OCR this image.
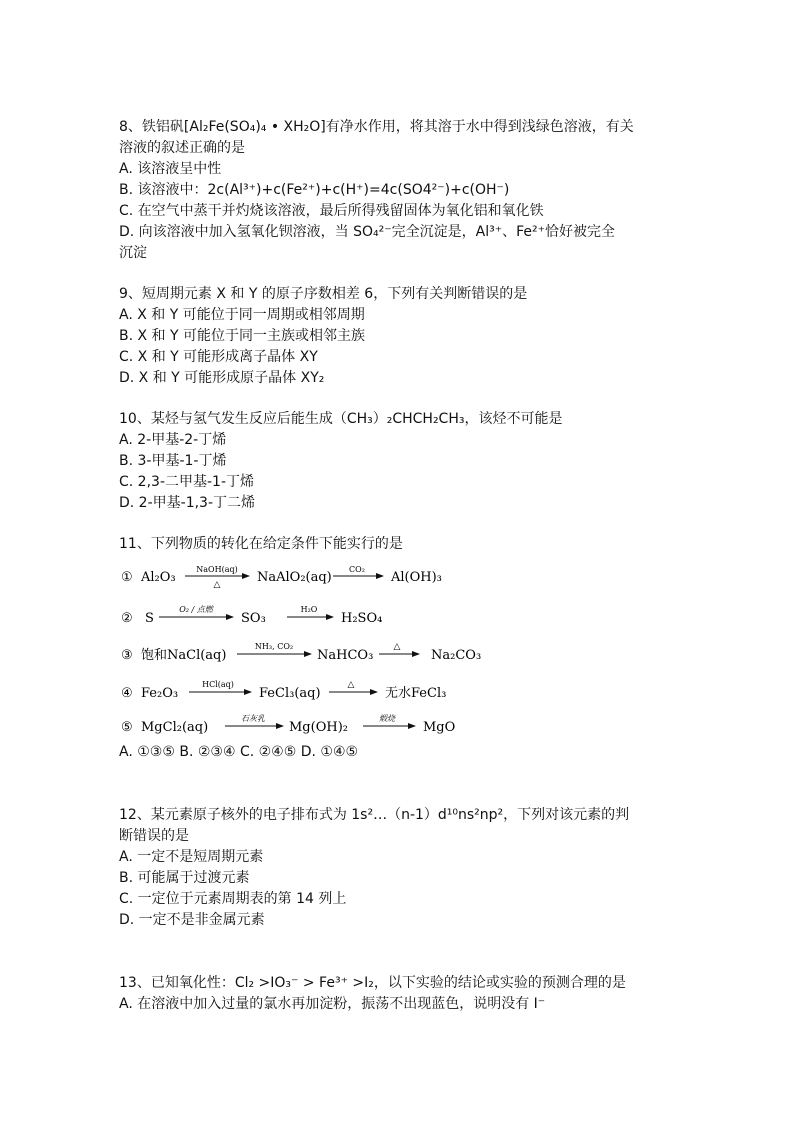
8、铁铝矾[Al₂Fe(SO₄)₄ • XH₂O]有净水作用，将其溶于水中得到浅绿色溶液，有关
溶液的叙述正确的是
A. 该溶液呈中性
B. 该溶液中：2c(Al³⁺)+c(Fe²⁺)+c(H⁺)=4c(SO4²⁻)+c(OH⁻)
C. 在空气中蒸干并灼烧该溶液，最后所得残留固体为氧化铝和氧化铁
D. 向该溶液中加入氢氧化钡溶液，当 SO₄²⁻完全沉淀是，Al³⁺、Fe²⁺恰好被完全
沉淀
9、短周期元素 X 和 Y 的原子序数相差 6，下列有关判断错误的是
A. X 和 Y 可能位于同一周期或相邻周期
B. X 和 Y 可能位于同一主族或相邻主族
C. X 和 Y 可能形成离子晶体 XY
D. X 和 Y 可能形成原子晶体 XY₂
10、某烃与氢气发生反应后能生成（CH₃）₂CHCH₂CH₃，该烃不可能是
A. 2-甲基-2-丁烯
B. 3-甲基-1-丁烯
C. 2,3-二甲基-1-丁烯
D. 2-甲基-1,3-丁二烯
11、下列物质的转化在给定条件下能实行的是
① Al₂O₃
NaOH(aq)
△	NaAlO₂(aq)
CO₂
Al(OH)₃
② S
O₂ / 点燃
SO₃
H₂O
H₂SO₄
③ 饱和NaCl(aq)
NH₃, CO₂
NaHCO₃
△
Na₂CO₃
④ Fe₂O₃
HCl(aq)
FeCl₃(aq)
△
无水FeCl₃
⑤ MgCl₂(aq)
石灰乳
Mg(OH)₂
煅烧
MgO
A. ①③⑤ B. ②③④ C. ②④⑤ D. ①④⑤
12、某元素原子核外的电子排布式为 1s²…（n-1）d¹⁰ns²np²，下列对该元素的判
断错误的是
A. 一定不是短周期元素
B. 可能属于过渡元素
C. 一定位于元素周期表的第 14 列上
D. 一定不是非金属元素
13、已知氧化性：Cl₂ >IO₃⁻ > Fe³⁺ >I₂，以下实验的结论或实验的预测合理的是
A. 在溶液中加入过量的氯水再加淀粉，振荡不出现蓝色，说明没有 I⁻
